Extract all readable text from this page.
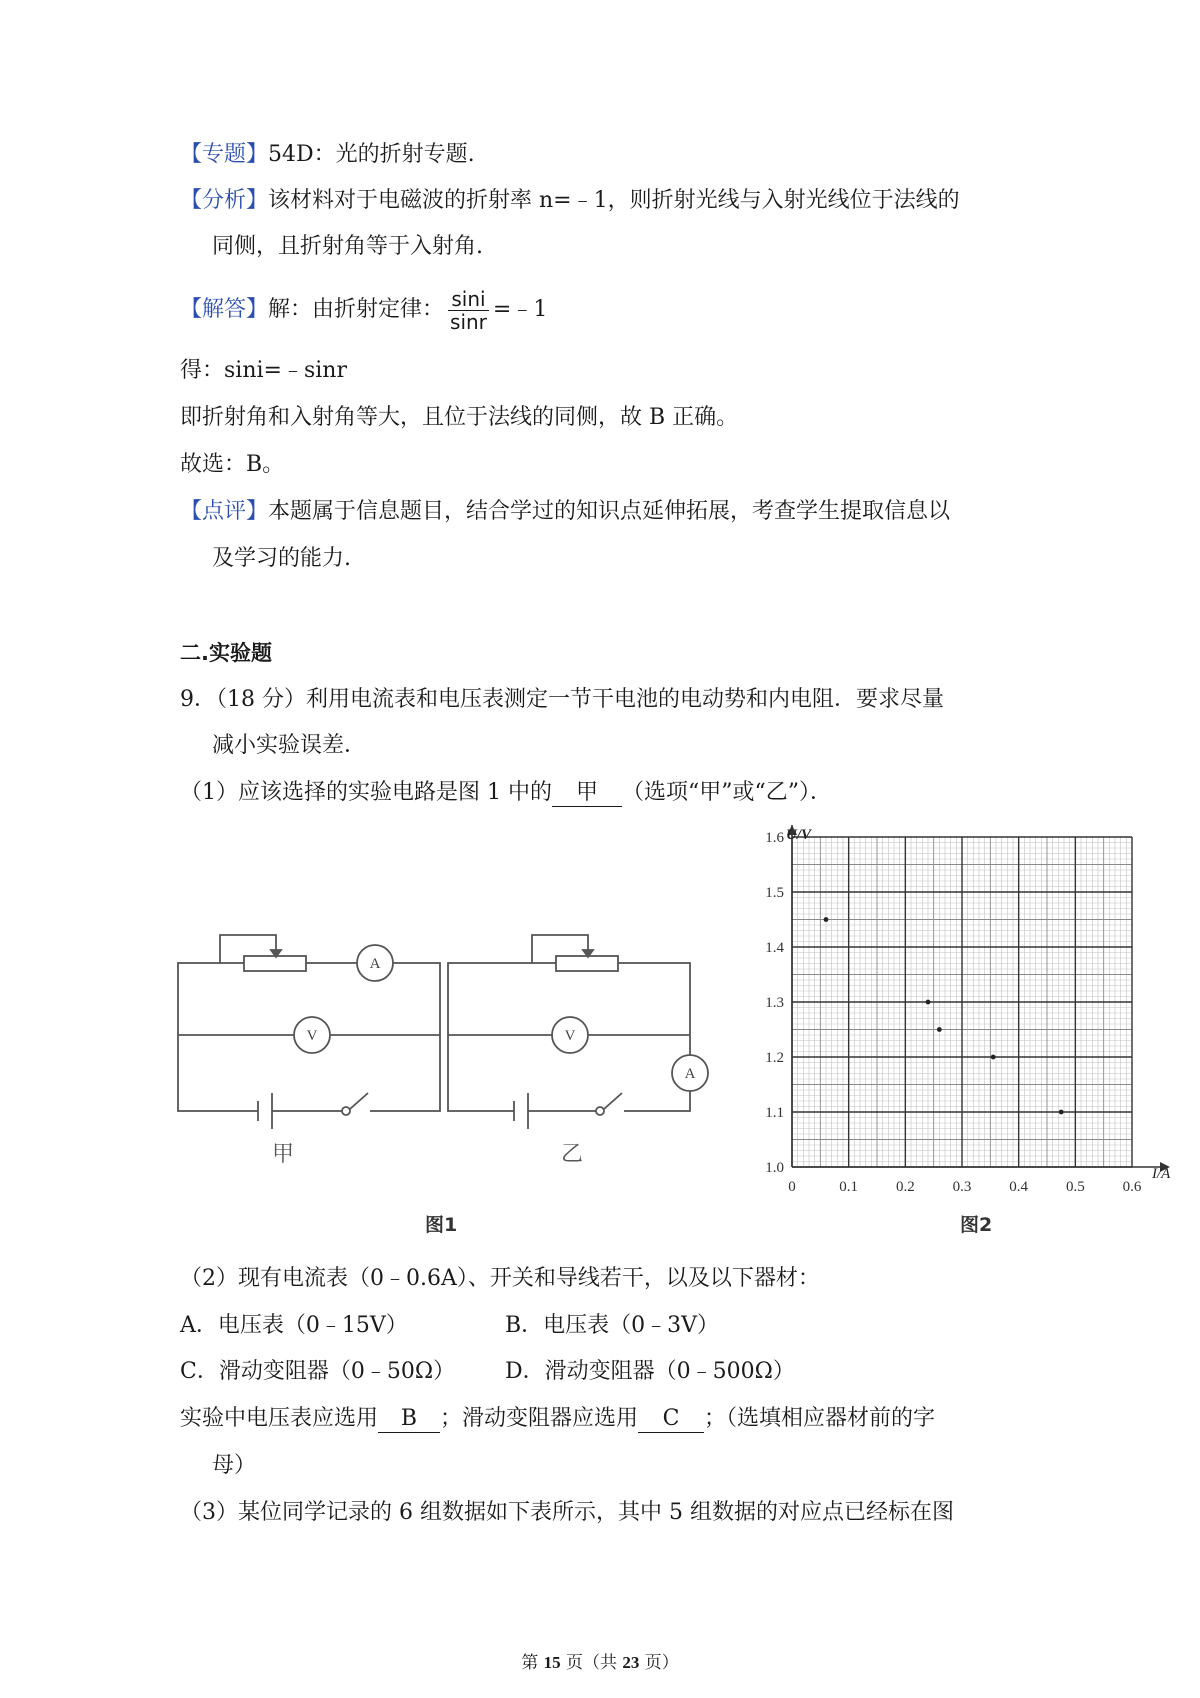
【专题】54D：光的折射专题.
【分析】该材料对于电磁波的折射率 n=﹣1，则折射光线与入射光线位于法线的
同侧，且折射角等于入射角.
【解答】解：由折射定律： $\frac{\sin i}{\sin r}$ =﹣1
得：sini=﹣sinr
即折射角和入射角等大，且位于法线的同侧，故 B 正确。
故选：B。
【点评】本题属于信息题目，结合学过的知识点延伸拓展，考查学生提取信息以
及学习的能力.
二.实验题
9．（18 分）利用电流表和电压表测定一节干电池的电动势和内电阻．要求尽量
减小实验误差．
（1）应该选择的实验电路是图 1 中的 甲 （选项“甲”或“乙”）．
A
V	V
A
甲	乙
图1
0	0.1	0.2	0.3	0.4	0.5	0.6
1.0
1.1
1.2
1.3
1.4
1.5
1.6 U/V
I/A
图2
（2）现有电流表（0﹣0.6A）、开关和导线若干，以及以下器材：
A．电压表（0﹣15V）	B．电压表（0﹣3V）
C．滑动变阻器（0﹣50Ω） D．滑动变阻器（0﹣500Ω）
实验中电压表应选用 B ；滑动变阻器应选用 C ；（选填相应器材前的字
母）
（3）某位同学记录的 6 组数据如下表所示，其中 5 组数据的对应点已经标在图
第 15 页（共 23 页）
